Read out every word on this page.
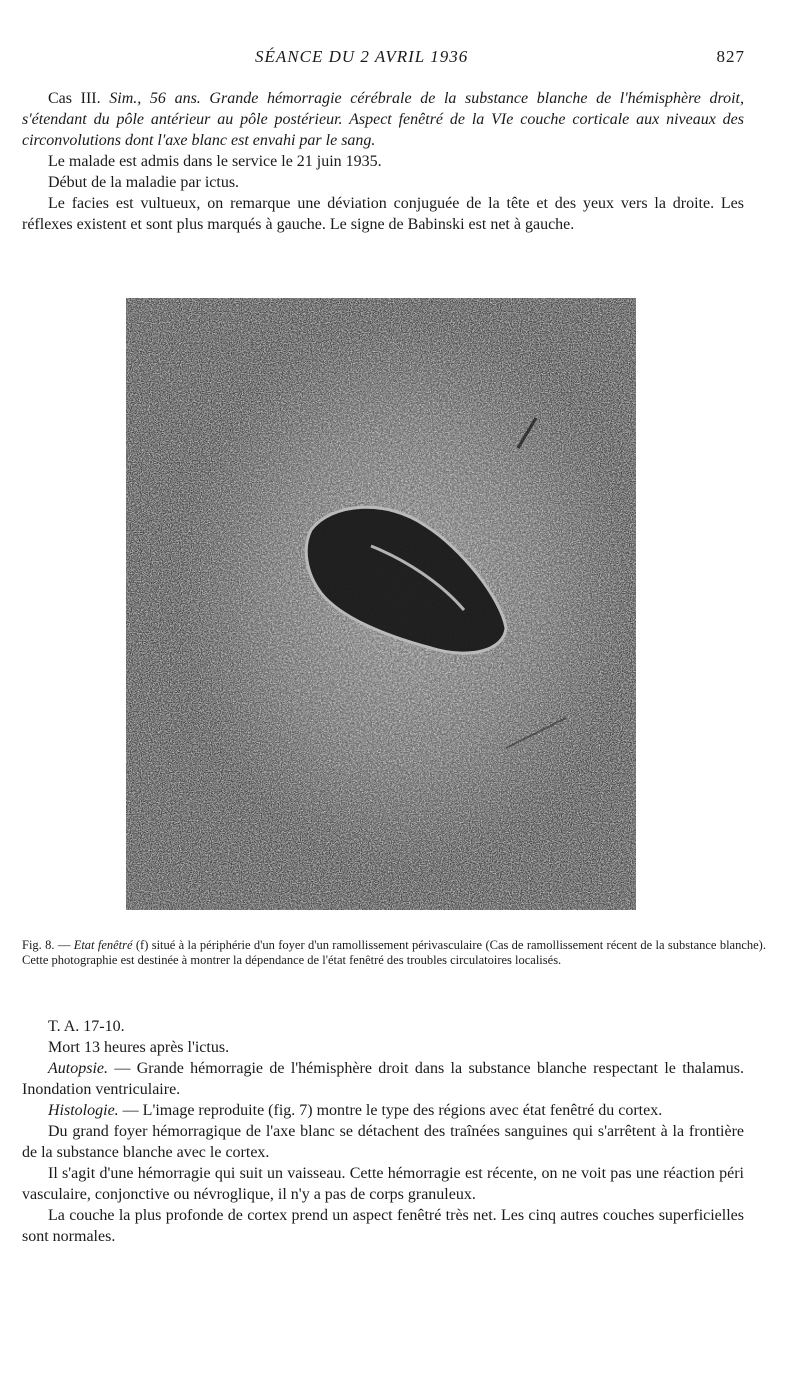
SÉANCE DU 2 AVRIL 1936	827

Cas III. Sim., 56 ans. Grande hémorragie cérébrale de la substance blanche de l'hémisphère droit, s'étendant du pôle antérieur au pôle postérieur. Aspect fenêtré de la VIe couche corticale aux niveaux des circonvolutions dont l'axe blanc est envahi par le sang.

Le malade est admis dans le service le 21 juin 1935.

Début de la maladie par ictus.

Le facies est vultueux, on remarque une déviation conjuguée de la tête et des yeux vers la droite. Les réflexes existent et sont plus marqués à gauche. Le signe de Babinski est net à gauche.

Fig. 8. — Etat fenêtré (f) situé à la périphérie d'un foyer d'un ramollissement périvasculaire (Cas de ramollissement récent de la substance blanche). Cette photographie est destinée à montrer la dépendance de l'état fenêtré des troubles circulatoires localisés.

T. A. 17-10.

Mort 13 heures après l'ictus.

Autopsie. — Grande hémorragie de l'hémisphère droit dans la substance blanche respectant le thalamus. Inondation ventriculaire.

Histologie. — L'image reproduite (fig. 7) montre le type des régions avec état fenêtré du cortex.

Du grand foyer hémorragique de l'axe blanc se détachent des traînées sanguines qui s'arrêtent à la frontière de la substance blanche avec le cortex.

Il s'agit d'une hémorragie qui suit un vaisseau. Cette hémorragie est récente, on ne voit pas une réaction péri vasculaire, conjonctive ou névroglique, il n'y a pas de corps granuleux.

La couche la plus profonde de cortex prend un aspect fenêtré très net. Les cinq autres couches superficielles sont normales.
